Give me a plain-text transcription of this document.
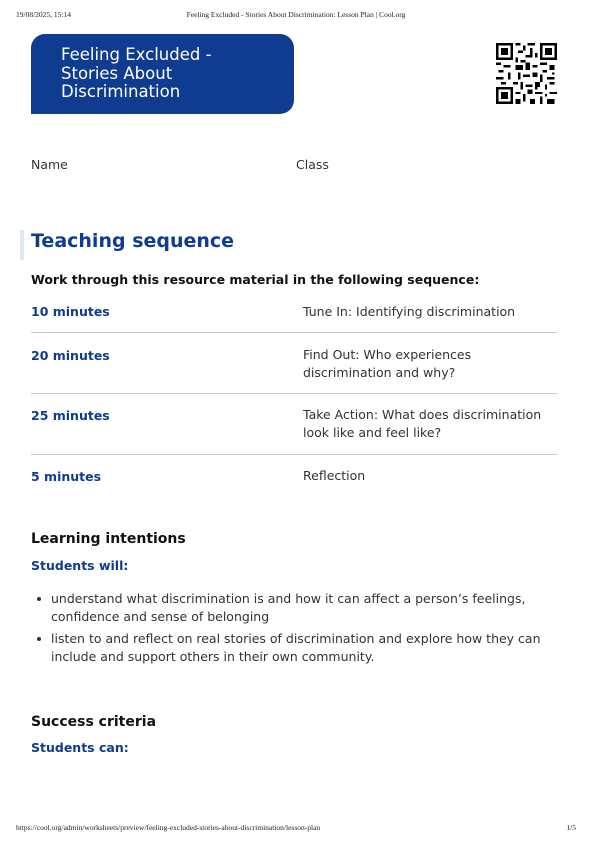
19/08/2025, 15:14	Feeling Excluded - Stories About Discrimination: Lesson Plan | Cool.org
Feeling Excluded -
Stories About
Discrimination
Name	Class
Teaching sequence
Work through this resource material in the following sequence:
10 minutes	Tune In: Identifying discrimination
20 minutes	Find Out: Who experiences discrimination and why?
25 minutes	Take Action: What does discrimination look like and feel like?
5 minutes	Reflection
Learning intentions
Students will:
understand what discrimination is and how it can affect a person’s feelings, confidence and sense of belonging
listen to and reflect on real stories of discrimination and explore how they can include and support others in their own community.
Success criteria
Students can:
https://cool.org/admin/worksheets/preview/feeling-excluded-stories-about-discrimination/lesson-plan	1/5
